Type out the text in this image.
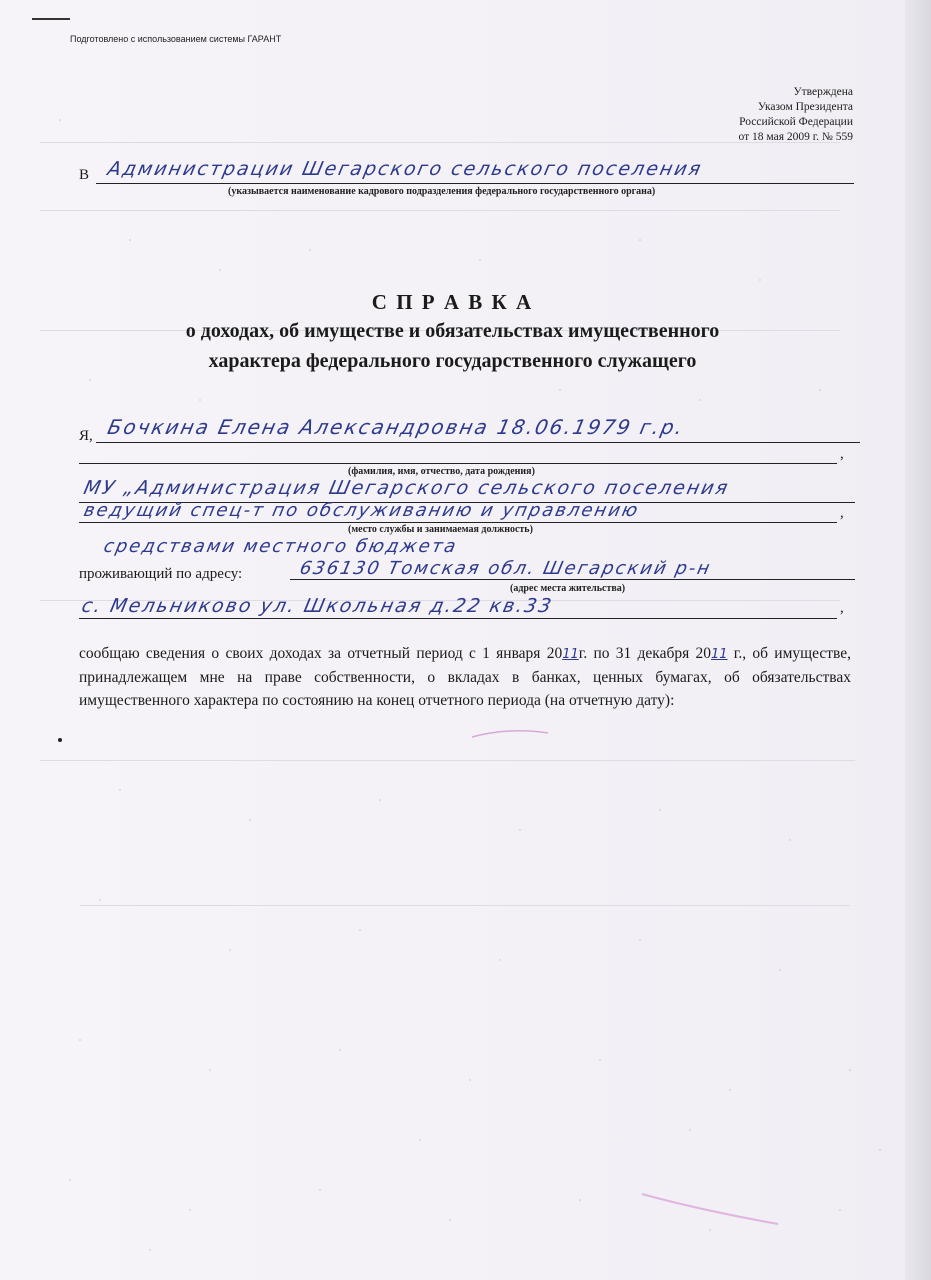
Подготовлено с использованием системы ГАРАНТ
Утверждена
Указом Президента
Российской Федерации
от 18 мая 2009 г. № 559
В Администрации Шегарского сельского поселения
(указывается наименование кадрового подразделения федерального государственного органа)
С П Р А В К А
о доходах, об имуществе и обязательствах имущественного
характера федерального государственного служащего
Я, Бочкина Елена Александровна 18.06.1979 г.р.
,
(фамилия, имя, отчество, дата рождения)
МУ „Администрация Шегарского сельского поселения
ведущий спец-т по обслуживанию и управлению	,
(место службы и занимаемая должность)
средствами местного бюджета
проживающий по адресу:	636130 Томская обл. Шегарский р-н
(адрес места жительства)
с. Мельниково ул. Школьная д.22 кв.33	,
сообщаю сведения о своих доходах за отчетный период с 1 января 2011г. по 31 декабря 2011 г., об имуществе, принадлежащем мне на праве собственности, о вкладах в банках, ценных бумагах, об обязательствах имущественного характера по состоянию на конец отчетного периода (на отчетную дату):
